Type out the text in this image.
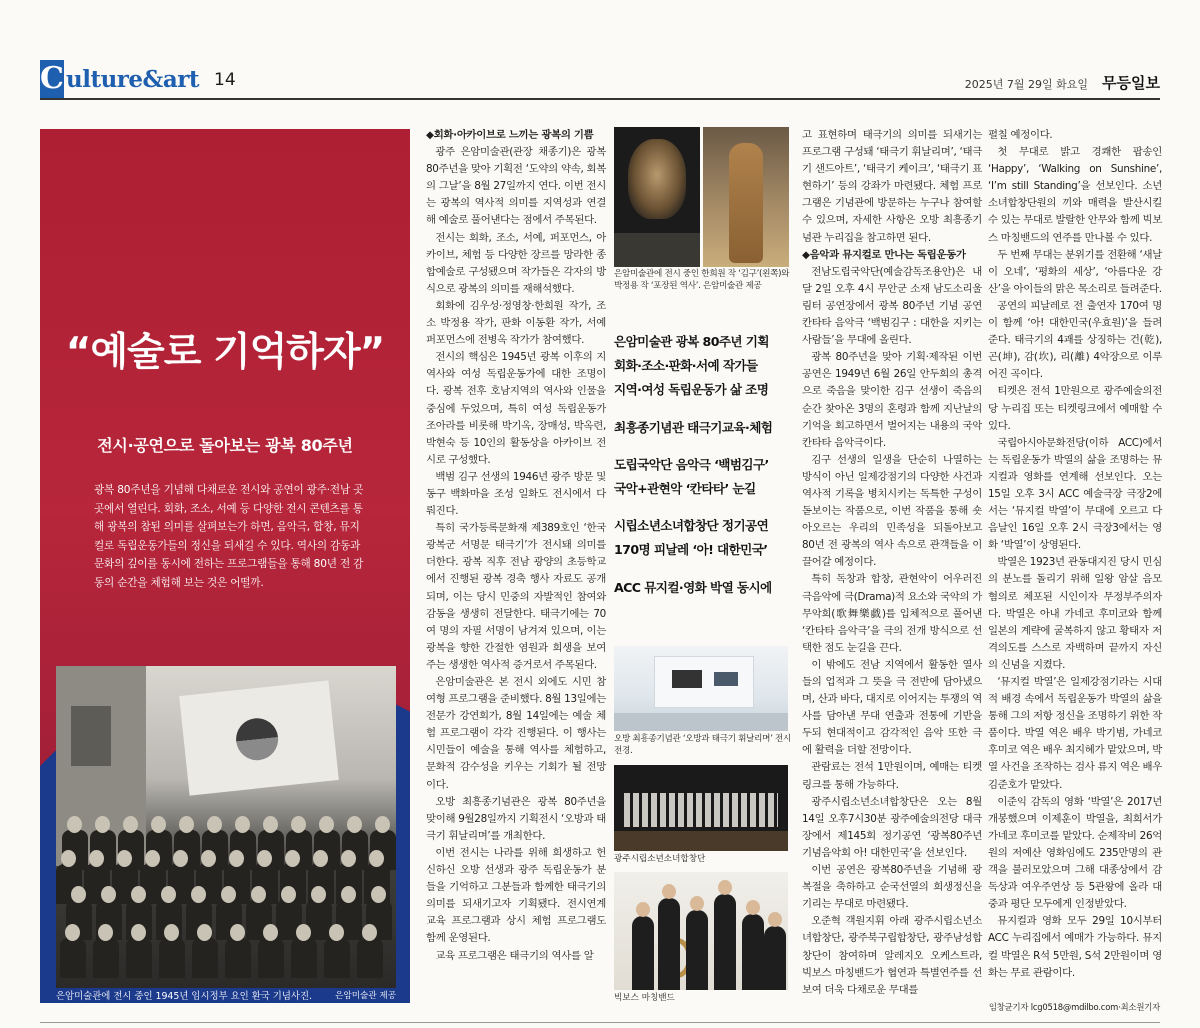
C ulture&art 14	2025년 7월 29일 화요일 무등일보
“예술로 기억하자”
전시·공연으로 돌아보는 광복 80주년
광복 80주년을 기념해 다채로운 전시와 공연이 광주·전남 곳곳에서 열린다. 회화, 조소, 서예 등 다양한 전시 콘텐츠를 통해 광복의 참된 의미를 살펴보는가 하면, 음악극, 합창, 뮤지컬로 독립운동가들의 정신을 되새길 수 있다. 역사의 감동과 문화의 깊이를 동시에 전하는 프로그램들을 통해 80년 전 감동의 순간을 체험해 보는 것은 어떨까.
은암미술관에 전시 중인 1945년 임시정부 요인 환국 기념사진.	은암미술관 제공

◆회화·아카이브로 느끼는 광복의 기쁨

광주 은암미술관(관장 채종기)은 광복 80주년을 맞아 기획전 ‘도약의 약속, 회복의 그날’을 8월 27일까지 연다. 이번 전시는 광복의 역사적 의미를 지역성과 연결해 예술로 풀어낸다는 점에서 주목된다.

전시는 회화, 조소, 서예, 퍼포먼스, 아카이브, 체험 등 다양한 장르를 망라한 종합예술로 구성됐으며 작가들은 각자의 방식으로 광복의 의미를 재해석했다.

회화에 김우성·정영창·한희원 작가, 조소 박정용 작가, 판화 이동환 작가, 서예 퍼포먼스에 전병옥 작가가 참여했다.

전시의 핵심은 1945년 광복 이후의 지역사와 여성 독립운동가에 대한 조명이다. 광복 전후 호남지역의 역사와 인물을 중심에 두었으며, 특히 여성 독립운동가 조아라를 비롯해 박기옥, 장매성, 박옥련, 박현숙 등 10인의 활동상을 아카이브 전시로 구성했다.

백범 김구 선생의 1946년 광주 방문 및 동구 백화마을 조성 일화도 전시에서 다뤄진다.

특히 국가등록문화재 제389호인 ‘한국광복군 서명문 태극기’가 전시돼 의미를 더한다. 광복 직후 전남 광양의 초등학교에서 진행된 광복 경축 행사 자료도 공개되며, 이는 당시 민중의 자발적인 참여와 감동을 생생히 전달한다. 태극기에는 70여 명의 자필 서명이 남겨져 있으며, 이는 광복을 향한 간절한 염원과 희생을 보여주는 생생한 역사적 증거로서 주목된다.

은암미술관은 본 전시 외에도 시민 참여형 프로그램을 준비했다. 8월 13일에는 전문가 강연회가, 8월 14일에는 예술 체험 프로그램이 각각 진행된다. 이 행사는 시민들이 예술을 통해 역사를 체험하고, 문화적 감수성을 키우는 기회가 될 전망이다.

오방 최흥종기념관은 광복 80주년을 맞이해 9월28일까지 기획전시 ‘오방과 태극기 휘날리며’를 개최한다.

이번 전시는 나라를 위해 희생하고 헌신하신 오방 선생과 광주 독립운동가 분들을 기억하고 그분들과 함께한 태극기의 의미를 되새기고자 기획됐다. 전시연계 교육 프로그램과 상시 체험 프로그램도 함께 운영된다.

교육 프로그램은 태극기의 역사를 알

은암미술관에 전시 중인 한희원 작 ‘김구’(왼쪽)와 박정용 작 ‘포장된 역사’. 은암미술관 제공
은암미술관 광복 80주년 기획
회화·조소·판화·서예 작가들
지역·여성 독립운동가 삶 조명
최흥종기념관 태극기교육·체험
도립국악단 음악극 ‘백범김구’
국악+관현악 ‘칸타타’ 눈길
시립소년소녀합창단 정기공연
170명 피날레 ‘아! 대한민국’
ACC 뮤지컬·영화 박열 동시에
오방 최흥종기념관 ‘오방과 태극기 휘날리며’ 전시 전경.
광주시립소년소녀합창단
빅보스 마칭밴드

고 표현하며 태극기의 의미를 되새기는 프로그램 구성돼 ‘태극기 휘날리며’, ‘태극기 샌드아트’, ‘태극기 케이크’, ‘태극기 표현하기’ 등의 강좌가 마련됐다. 체험 프로그램은 기념관에 방문하는 누구나 참여할 수 있으며, 자세한 사항은 오방 최흥종기념관 누리집을 참고하면 된다.

◆음악과 뮤지컬로 만나는 독립운동가

전남도립국악단(예술감독조용안)은 내달 2일 오후 4시 무안군 소재 남도소리울림터 공연장에서 광복 80주년 기념 공연 칸타타 음악극 ‘백범김구 : 대한을 지키는 사람들’을 무대에 올린다.

광복 80주년을 맞아 기획·제작된 이번 공연은 1949년 6월 26일 안두희의 총격으로 죽음을 맞이한 김구 선생이 죽음의 순간 찾아온 3명의 혼령과 함께 지난날의 기억을 회고하면서 벌어지는 내용의 국악 칸타타 음악극이다.

김구 선생의 일생을 단순히 나열하는 방식이 아닌 일제강점기의 다양한 사건과 역사적 기록을 병치시키는 독특한 구성이 돋보이는 작품으로, 이번 작품을 통해 숏아오르는 우리의 민족성을 되돌아보고 80년 전 광복의 역사 속으로 관객들을 이끌어갈 예정이다.

특히 독창과 합창, 관현악이 어우러진 극음악에 극(Drama)적 요소와 국악의 가무악희(歌舞樂戱)를 입체적으로 풀어낸 ‘칸타타 음악극’을 극의 전개 방식으로 선택한 점도 눈길을 끈다.

이 밖에도 전남 지역에서 활동한 열사들의 업적과 그 뜻을 극 전반에 담아냈으며, 산과 바다, 대지로 이어지는 투쟁의 역사를 담아낸 무대 연출과 전통에 기반을 두되 현대적이고 감각적인 음악 또한 극에 활력을 더할 전망이다.

관람료는 전석 1만원이며, 예매는 티켓링크를 통해 가능하다.

광주시립소년소녀합창단은 오는 8월 14일 오후7시30분 광주예술의전당 대극장에서 제145회 정기공연 ‘광복80주년 기념음악회 아! 대한민국’을 선보인다.

이번 공연은 광복80주년을 기념해 광복절을 축하하고 순국선열의 희생정신을 기리는 무대로 마련됐다.

오준혁 객원지휘 아래 광주시립소년소녀합창단, 광주북구립합창단, 광주남성합창단이 참여하며 알레지오 오케스트라, 빅보스 마칭밴드가 협연과 특별연주를 선보여 더욱 다채로운 무대를

펼칠 예정이다.

첫 무대로 밝고 경쾌한 팝송인 ‘Happy’, ‘Walking on Sunshine’, ‘I’m still Standing’을 선보인다. 소년소녀합창단원의 끼와 매력을 발산시킬 수 있는 무대로 발랄한 안무와 함께 빅보스 마칭밴드의 연주를 만나볼 수 있다.

두 번째 무대는 분위기를 전환해 ‘새날이 오네’, ‘평화의 세상’, ‘아름다운 강산’을 아이들의 맑은 목소리로 들려준다.

공연의 피날레로 전 출연자 170여 명이 함께 ‘아! 대한민국(우효원)’을 들려준다. 태극기의 4괘를 상징하는 건(乾), 곤(坤), 감(坎), 리(離) 4악장으로 이루어진 곡이다.

티켓은 전석 1만원으로 광주예술의전당 누리집 또는 티켓링크에서 예매할 수 있다.

국립아시아문화전당(이하 ACC)에서는 독립운동가 박열의 삶을 조명하는 뮤지컬과 영화를 연계해 선보인다. 오는 15일 오후 3시 ACC 예술극장 극장2에서는 ‘뮤지컬 박열’이 무대에 오르고 다음날인 16일 오후 2시 극장3에서는 영화 ‘박열’이 상영된다.

박열은 1923년 관동대지진 당시 민심의 분노를 돌리기 위해 일왕 암살 음모 혐의로 체포된 시인이자 무정부주의자다. 박열은 아내 가네코 후미코와 함께 일본의 계략에 굴복하지 않고 황태자 저격의도를 스스로 자백하며 끝까지 자신의 신념을 지켰다.

‘뮤지컬 박열’은 일제강점기라는 시대적 배경 속에서 독립운동가 박열의 삶을 통해 그의 저항 정신을 조명하기 위한 작품이다. 박열 역은 배우 박기범, 가네코 후미코 역은 배우 최지혜가 맡았으며, 박열 사건을 조작하는 검사 류지 역은 배우 김준호가 맡았다.

이준익 감독의 영화 ‘박열’은 2017년 개봉했으며 이제훈이 박열을, 최희서가 가네코 후미코를 맡았다. 순제작비 26억원의 저예산 영화임에도 235만명의 관객을 불러모았으며 그해 대종상에서 감독상과 여우주연상 등 5관왕에 올라 대중과 평단 모두에게 인정받았다.

뮤지컬과 영화 모두 29일 10시부터 ACC 누리집에서 예매가 가능하다. 뮤지컬 박열은 R석 5만원, S석 2만원이며 영화는 무료 관람이다.

임창균기자 lcg0518@mdilbo.com·최소원기자
